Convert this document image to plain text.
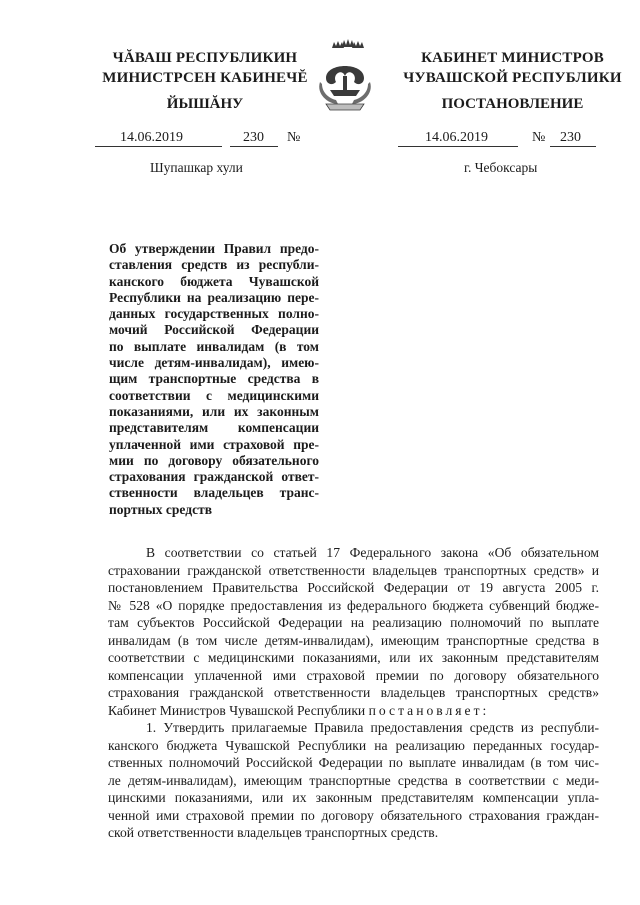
ЧĂВАШ РЕСПУБЛИКИН
МИНИСТРСЕН КАБИНЕЧĔ
ЙЫШĂНУ
КАБИНЕТ МИНИСТРОВ
ЧУВАШСКОЙ РЕСПУБЛИКИ
ПОСТАНОВЛЕНИЕ
14.06.2019	230 №	14.06.2019	№ 230
Шупашкар хули	г. Чебоксары
Об утверждении Правил предо-
ставления средств из республи-
канского бюджета Чувашской
Республики на реализацию пере-
данных государственных полно-
мочий Российской Федерации
по выплате инвалидам (в том
числе детям-инвалидам), имею-
щим транспортные средства в
соответствии с медицинскими
показаниями, или их законным
представителям компенсации
уплаченной ими страховой пре-
мии по договору обязательного
страхования гражданской ответ-
ственности владельцев транс-
портных средств
В соответствии со статьей 17 Федерального закона «Об обязательном
страховании гражданской ответственности владельцев транспортных средств» и
постановлением Правительства Российской Федерации от 19 августа 2005 г.
№ 528 «О порядке предоставления из федерального бюджета субвенций бюдже-
там субъектов Российской Федерации на реализацию полномочий по выплате
инвалидам (в том числе детям-инвалидам), имеющим транспортные средства в
соответствии с медицинскими показаниями, или их законным представителям
компенсации уплаченной ими страховой премии по договору обязательного
страхования гражданской ответственности владельцев транспортных средств»
Кабинет Министров Чувашской Республики постановляет:
1. Утвердить прилагаемые Правила предоставления средств из республи-
канского бюджета Чувашской Республики на реализацию переданных государ-
ственных полномочий Российской Федерации по выплате инвалидам (в том чис-
ле детям-инвалидам), имеющим транспортные средства в соответствии с меди-
цинскими показаниями, или их законным представителям компенсации упла-
ченной ими страховой премии по договору обязательного страхования граждан-
ской ответственности владельцев транспортных средств.
